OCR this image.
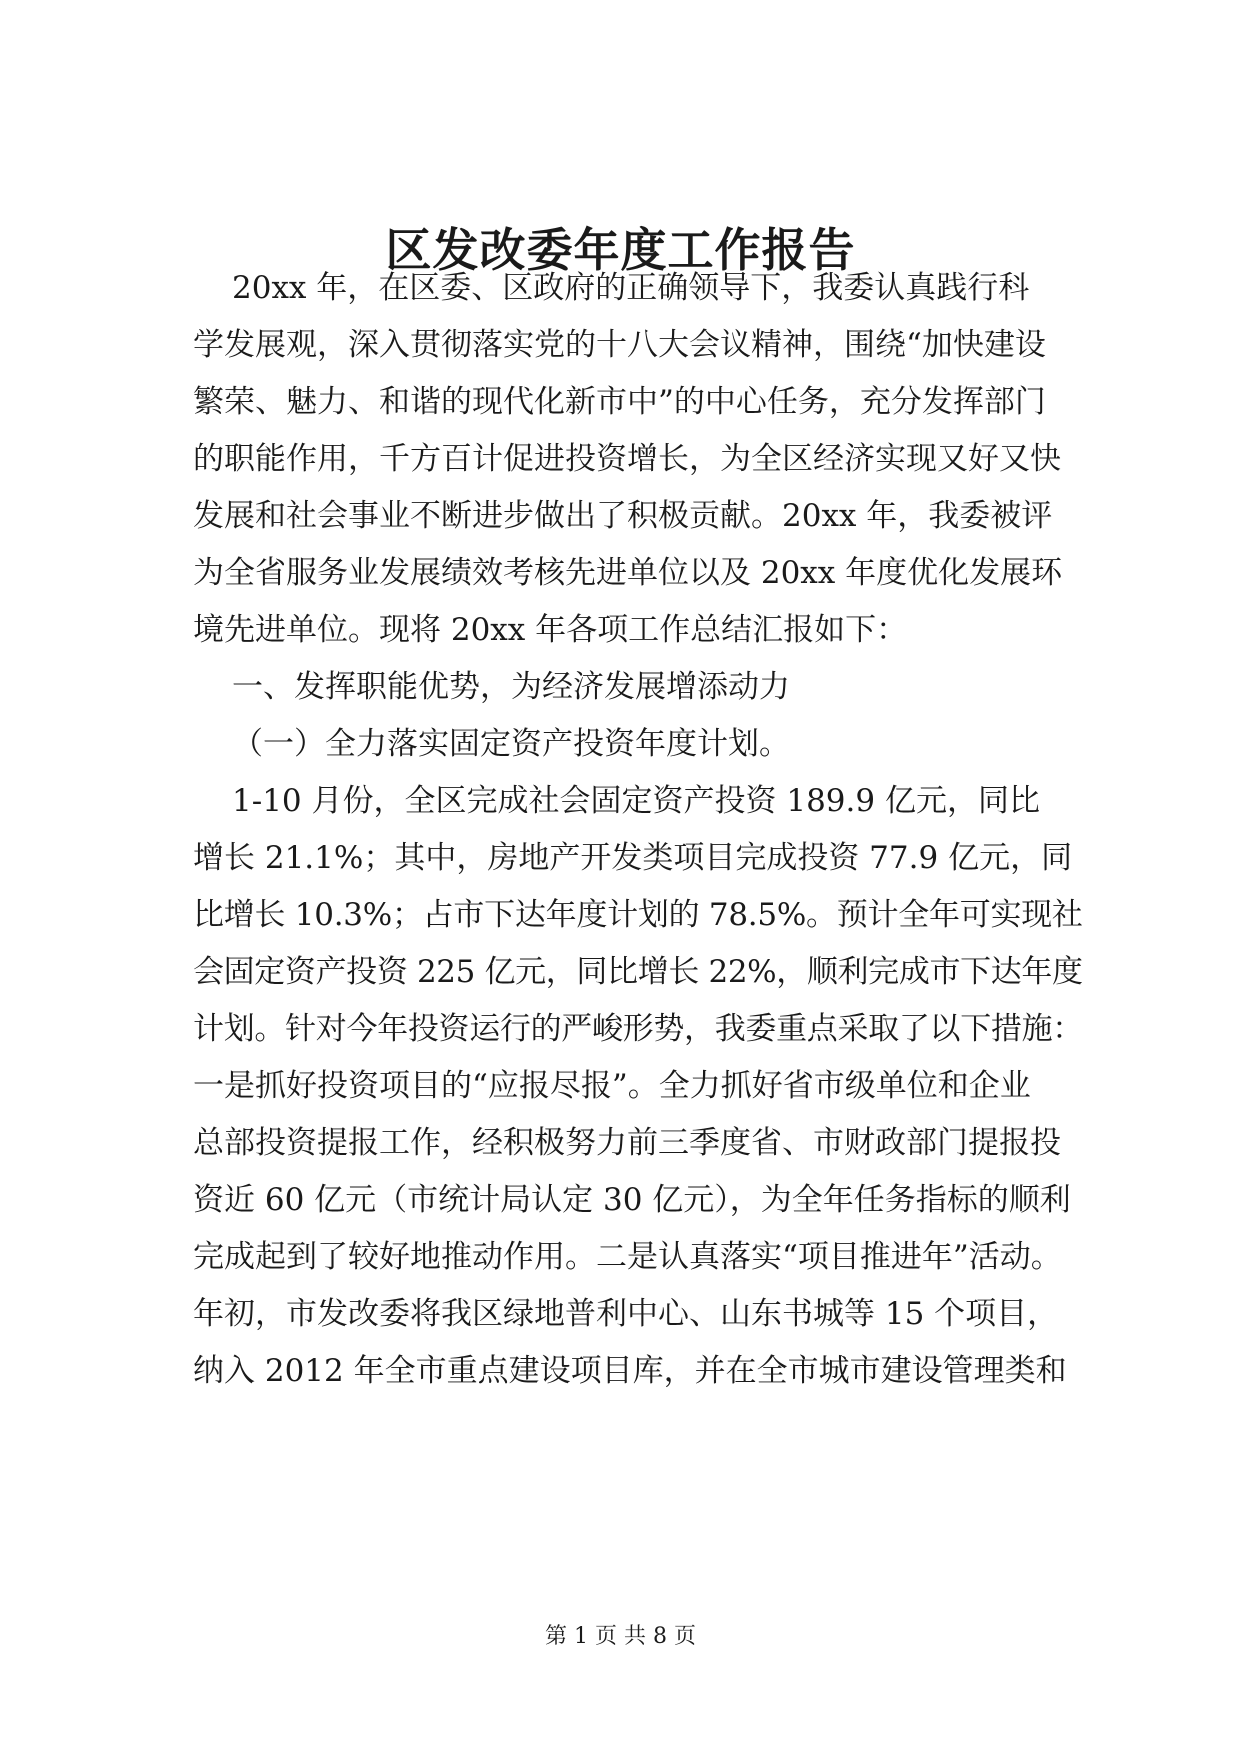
区发改委年度工作报告
20xx 年，在区委、区政府的正确领导下，我委认真践行科
学发展观，深入贯彻落实党的十八大会议精神，围绕“加快建设
繁荣、魅力、和谐的现代化新市中”的中心任务，充分发挥部门
的职能作用，千方百计促进投资增长，为全区经济实现又好又快
发展和社会事业不断进步做出了积极贡献。20xx 年，我委被评
为全省服务业发展绩效考核先进单位以及 20xx 年度优化发展环
境先进单位。现将 20xx 年各项工作总结汇报如下：
一、发挥职能优势，为经济发展增添动力
（一）全力落实固定资产投资年度计划。
1-10 月份，全区完成社会固定资产投资 189.9 亿元，同比
增长 21.1%；其中，房地产开发类项目完成投资 77.9 亿元，同
比增长 10.3%；占市下达年度计划的 78.5%。预计全年可实现社
会固定资产投资 225 亿元，同比增长 22%，顺利完成市下达年度
计划。针对今年投资运行的严峻形势，我委重点采取了以下措施：
一是抓好投资项目的“应报尽报”。全力抓好省市级单位和企业
总部投资提报工作，经积极努力前三季度省、市财政部门提报投
资近 60 亿元（市统计局认定 30 亿元），为全年任务指标的顺利
完成起到了较好地推动作用。二是认真落实“项目推进年”活动。
年初，市发改委将我区绿地普利中心、山东书城等 15 个项目，
纳入 2012 年全市重点建设项目库，并在全市城市建设管理类和
第 1 页 共 8 页
